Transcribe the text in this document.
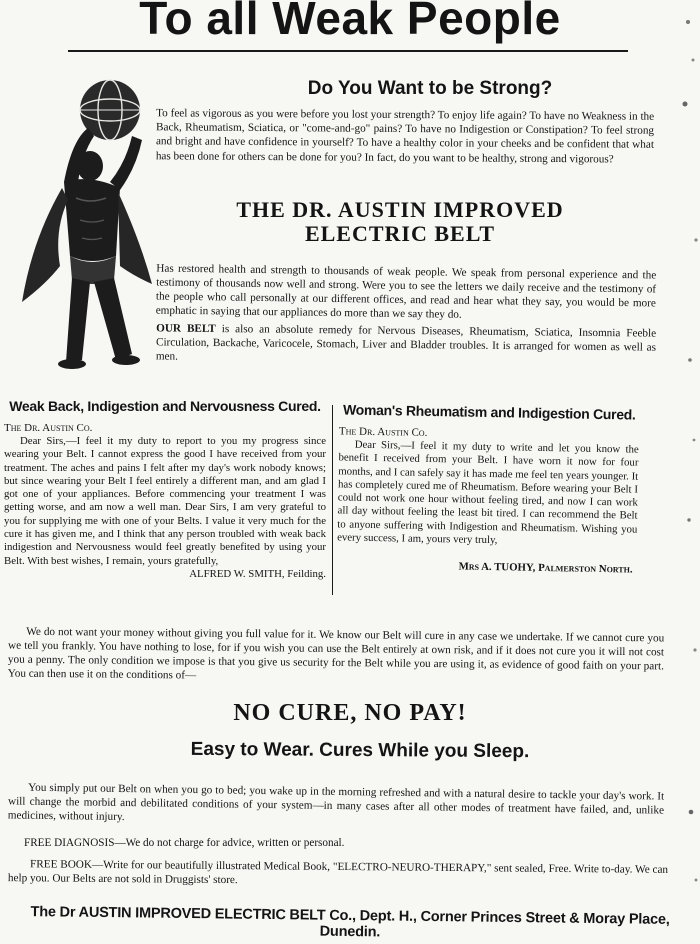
To all Weak People
Do You Want to be Strong?
To feel as vigorous as you were before you lost your strength? To enjoy life again? To have no Weakness in the Back, Rheumatism, Sciatica, or "come-and-go" pains? To have no Indigestion or Constipation? To feel strong and bright and have confidence in yourself? To have a healthy color in your cheeks and be confident that what has been done for others can be done for you? In fact, do you want to be healthy, strong and vigorous?
THE DR. AUSTIN IMPROVED
ELECTRIC BELT
Has restored health and strength to thousands of weak people. We speak from personal experience and the testimony of thousands now well and strong. Were you to see the letters we daily receive and the testimony of the people who call personally at our different offices, and read and hear what they say, you would be more emphatic in saying that our appliances do more than we say they do.
OUR BELT is also an absolute remedy for Nervous Diseases, Rheumatism, Sciatica, Insomnia Feeble Circulation, Backache, Varicocele, Stomach, Liver and Bladder troubles. It is arranged for women as well as men.
Weak Back, Indigestion and Nervousness Cured.
The Dr. Austin Co.
Dear Sirs,—I feel it my duty to report to you my progress since wearing your Belt. I cannot express the good I have received from your treatment. The aches and pains I felt after my day's work nobody knows; but since wearing your Belt I feel entirely a different man, and am glad I got one of your appliances. Before commencing your treatment I was getting worse, and am now a well man. Dear Sirs, I am very grateful to you for supplying me with one of your Belts. I value it very much for the cure it has given me, and I think that any person troubled with weak back indigestion and Nervousness would feel greatly benefited by using your Belt. With best wishes, I remain, yours gratefully,
ALFRED W. SMITH, Feilding.
Woman's Rheumatism and Indigestion Cured.
The Dr. Austin Co.
Dear Sirs,—I feel it my duty to write and let you know the benefit I received from your Belt. I have worn it now for four months, and I can safely say it has made me feel ten years younger. It has completely cured me of Rheumatism. Before wearing your Belt I could not work one hour without feeling tired, and now I can work all day without feeling the least bit tired. I can recommend the Belt to anyone suffering with Indigestion and Rheumatism. Wishing you every success, I am, yours very truly,
Mrs A. TUOHY, Palmerston North.
We do not want your money without giving you full value for it. We know our Belt will cure in any case we undertake. If we cannot cure you we tell you frankly. You have nothing to lose, for if you wish you can use the Belt entirely at own risk, and if it does not cure you it will not cost you a penny. The only condition we impose is that you give us security for the Belt while you are using it, as evidence of good faith on your part. You can then use it on the conditions of—
NO CURE, NO PAY!
Easy to Wear. Cures While you Sleep.
You simply put our Belt on when you go to bed; you wake up in the morning refreshed and with a natural desire to tackle your day's work. It will change the morbid and debilitated conditions of your system—in many cases after all other modes of treatment have failed, and, unlike medicines, without injury.
FREE DIAGNOSIS—We do not charge for advice, written or personal.
FREE BOOK—Write for our beautifully illustrated Medical Book, "ELECTRO-NEURO-THERAPY," sent sealed, Free. Write to-day. We can help you. Our Belts are not sold in Druggists' store.
The Dr AUSTIN IMPROVED ELECTRIC BELT Co., Dept. H., Corner Princes Street & Moray Place, Dunedin.
